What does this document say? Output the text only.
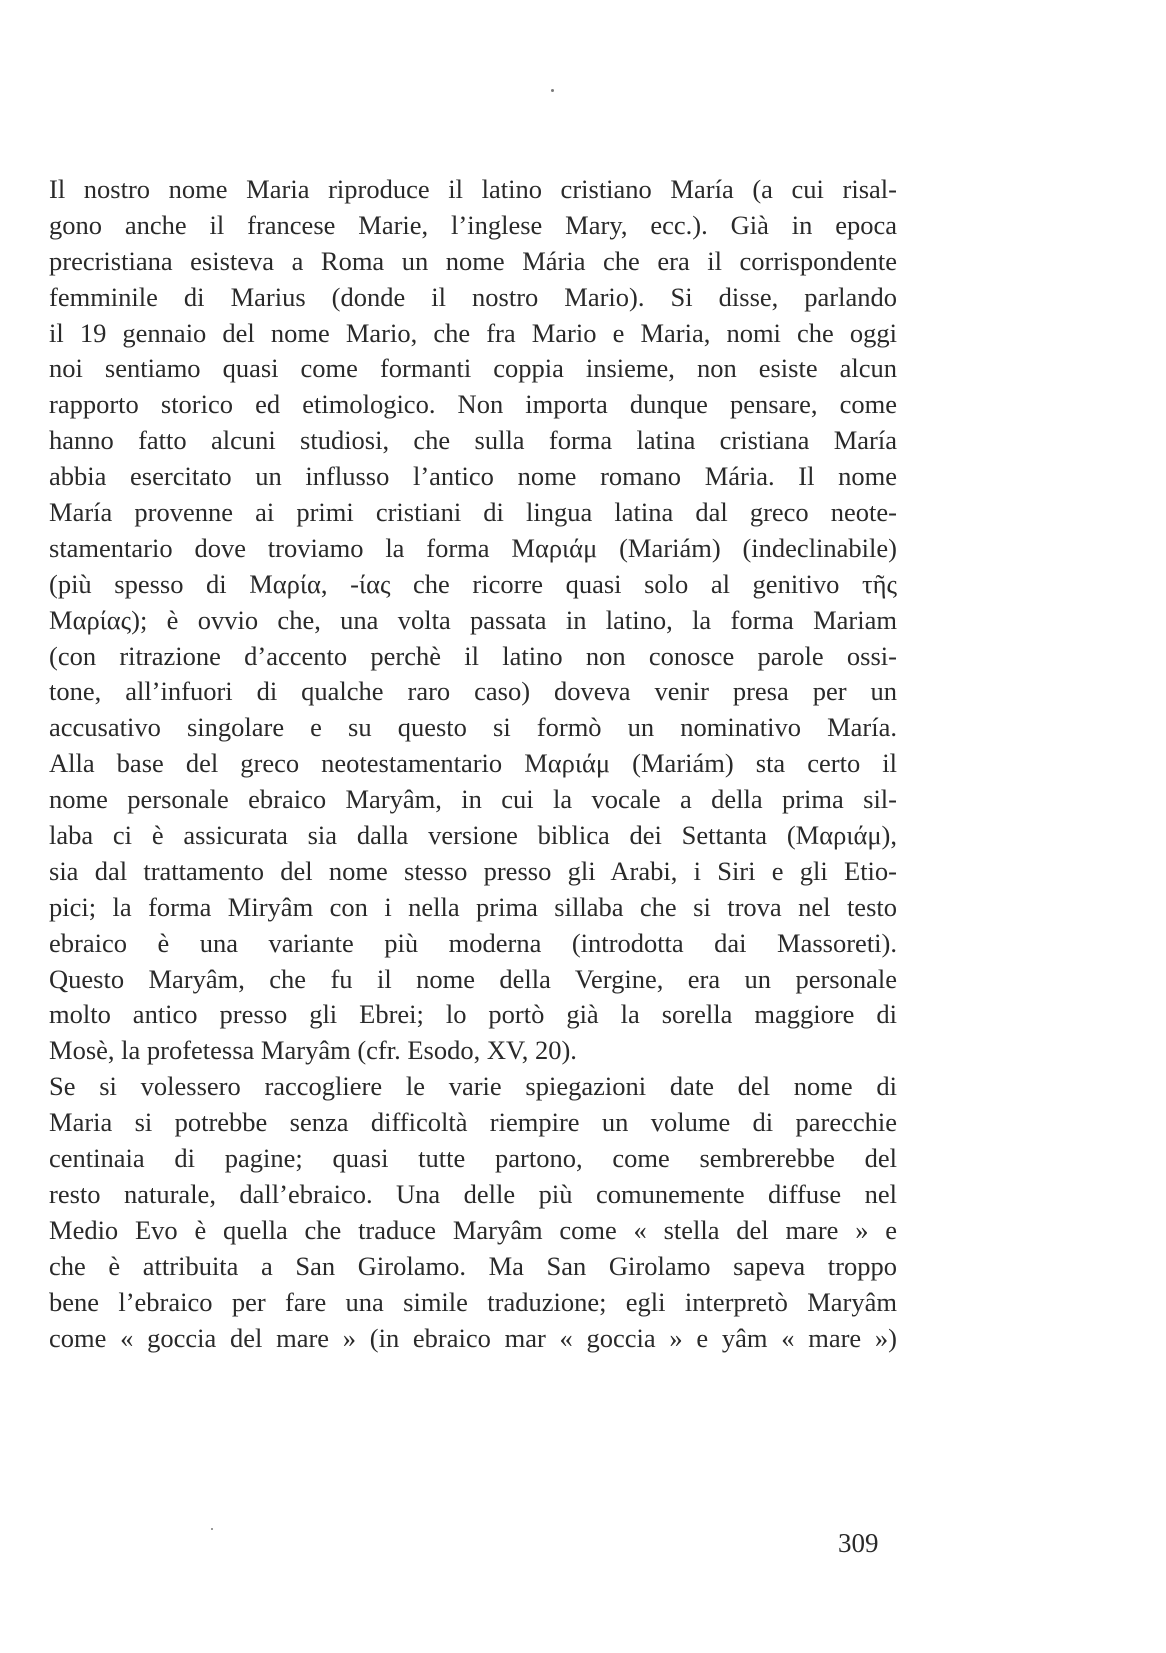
Il nostro nome Maria riproduce il latino cristiano María (a cui risal-
gono anche il francese Marie, l’inglese Mary, ecc.). Già in epoca
precristiana esisteva a Roma un nome Mária che era il corrispondente
femminile di Marius (donde il nostro Mario). Si disse, parlando
il 19 gennaio del nome Mario, che fra Mario e Maria, nomi che oggi
noi sentiamo quasi come formanti coppia insieme, non esiste alcun
rapporto storico ed etimologico. Non importa dunque pensare, come
hanno fatto alcuni studiosi, che sulla forma latina cristiana María
abbia esercitato un influsso l’antico nome romano Mária. Il nome
María provenne ai primi cristiani di lingua latina dal greco neote-
stamentario dove troviamo la forma Μαριάμ (Mariám) (indeclinabile)
(più spesso di Μαρία, -ίας che ricorre quasi solo al genitivo τῆς
Μαρίας); è ovvio che, una volta passata in latino, la forma Mariam
(con ritrazione d’accento perchè il latino non conosce parole ossi-
tone, all’infuori di qualche raro caso) doveva venir presa per un
accusativo singolare e su questo si formò un nominativo María.
Alla base del greco neotestamentario Μαριάμ (Mariám) sta certo il
nome personale ebraico Maryâm, in cui la vocale a della prima sil-
laba ci è assicurata sia dalla versione biblica dei Settanta (Μαριάμ),
sia dal trattamento del nome stesso presso gli Arabi, i Siri e gli Etio-
pici; la forma Miryâm con i nella prima sillaba che si trova nel testo
ebraico è una variante più moderna (introdotta dai Massoreti).
Questo Maryâm, che fu il nome della Vergine, era un personale
molto antico presso gli Ebrei; lo portò già la sorella maggiore di
Mosè, la profetessa Maryâm (cfr. Esodo, XV, 20).
Se si volessero raccogliere le varie spiegazioni date del nome di
Maria si potrebbe senza difficoltà riempire un volume di parecchie
centinaia di pagine; quasi tutte partono, come sembrerebbe del
resto naturale, dall’ebraico. Una delle più comunemente diffuse nel
Medio Evo è quella che traduce Maryâm come « stella del mare » e
che è attribuita a San Girolamo. Ma San Girolamo sapeva troppo
bene l’ebraico per fare una simile traduzione; egli interpretò Maryâm
come « goccia del mare » (in ebraico mar « goccia » e yâm « mare »)
309
